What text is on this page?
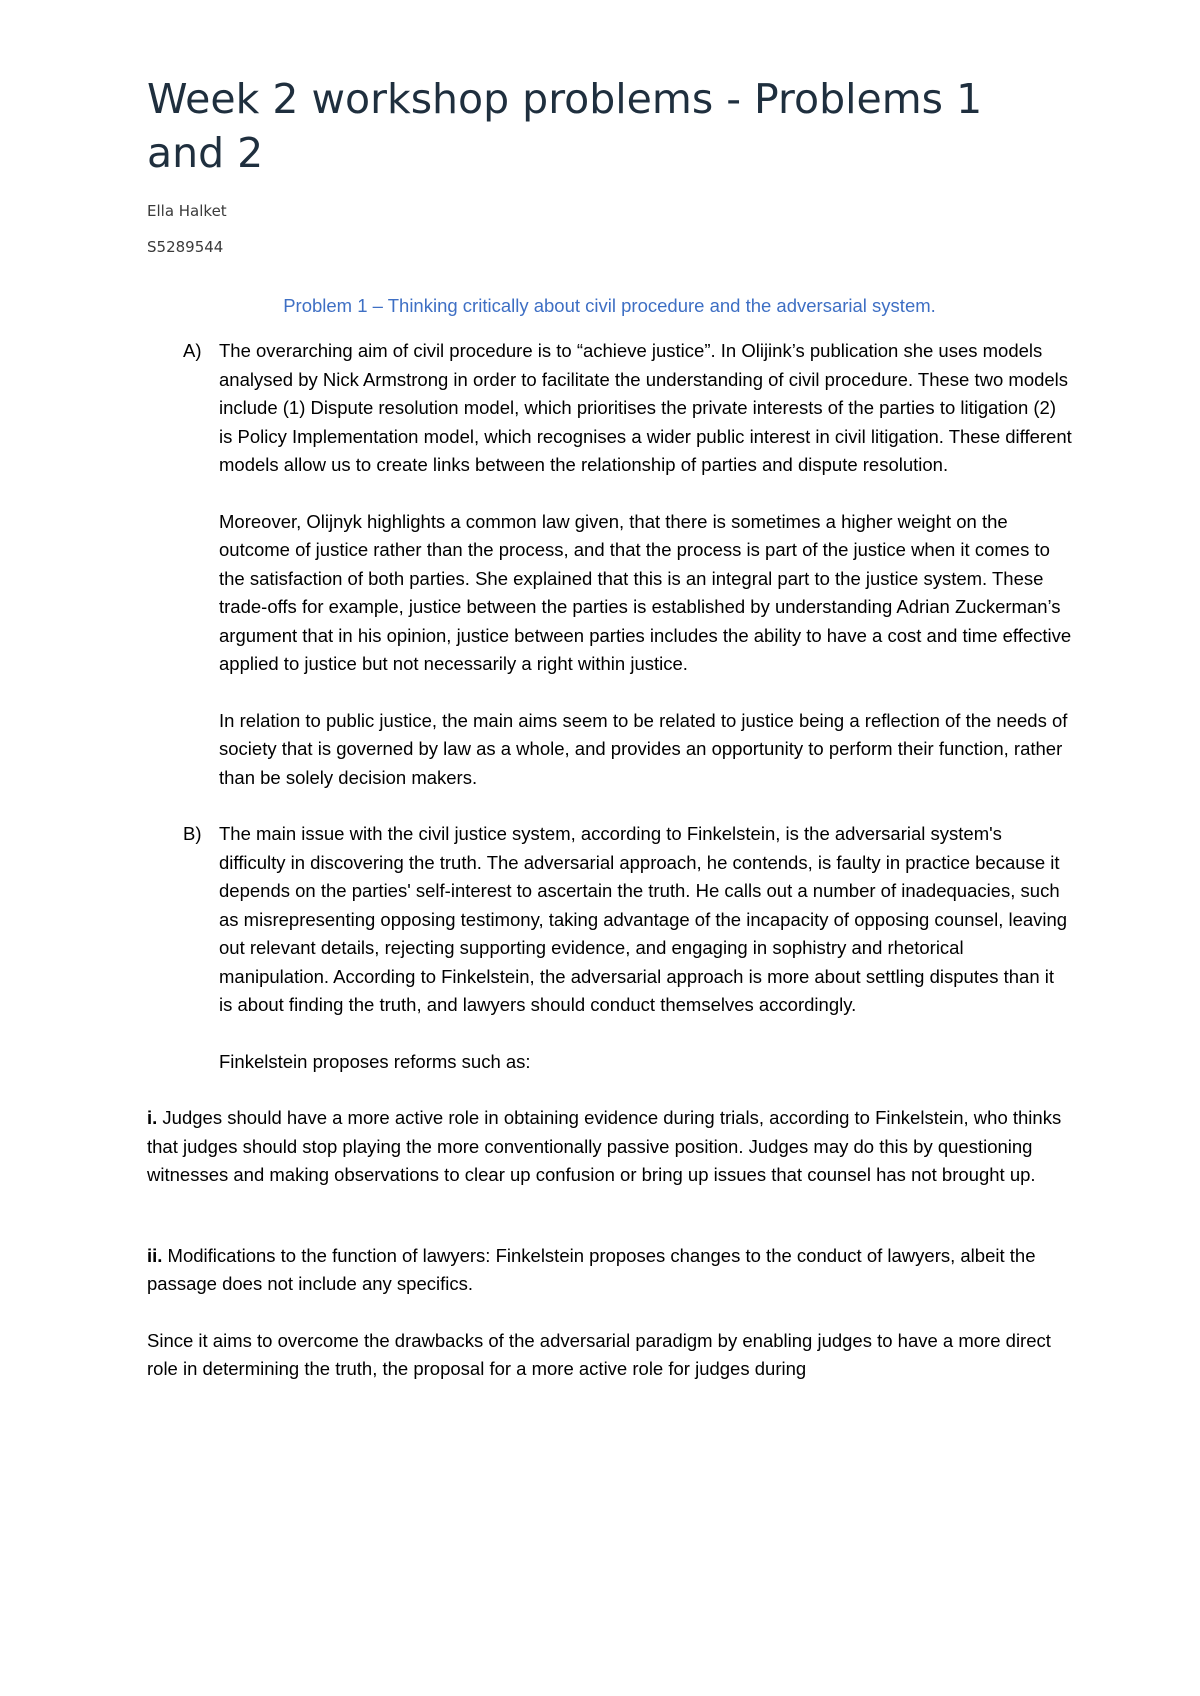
Week 2 workshop problems - Problems 1 and 2

Ella Halket

S5289544

Problem 1 – Thinking critically about civil procedure and the adversarial system.

A) The overarching aim of civil procedure is to “achieve justice”. In Olijink’s publication she uses models analysed by Nick Armstrong in order to facilitate the understanding of civil procedure. These two models include (1) Dispute resolution model, which prioritises the private interests of the parties to litigation (2) is Policy Implementation model, which recognises a wider public interest in civil litigation. These different models allow us to create links between the relationship of parties and dispute resolution.

Moreover, Olijnyk highlights a common law given, that there is sometimes a higher weight on the outcome of justice rather than the process, and that the process is part of the justice when it comes to the satisfaction of both parties. She explained that this is an integral part to the justice system. These trade-offs for example, justice between the parties is established by understanding Adrian Zuckerman’s argument that in his opinion, justice between parties includes the ability to have a cost and time effective applied to justice but not necessarily a right within justice.

In relation to public justice, the main aims seem to be related to justice being a reflection of the needs of society that is governed by law as a whole, and provides an opportunity to perform their function, rather than be solely decision makers.

B) The main issue with the civil justice system, according to Finkelstein, is the adversarial system's difficulty in discovering the truth. The adversarial approach, he contends, is faulty in practice because it depends on the parties' self-interest to ascertain the truth. He calls out a number of inadequacies, such as misrepresenting opposing testimony, taking advantage of the incapacity of opposing counsel, leaving out relevant details, rejecting supporting evidence, and engaging in sophistry and rhetorical manipulation. According to Finkelstein, the adversarial approach is more about settling disputes than it is about finding the truth, and lawyers should conduct themselves accordingly.

Finkelstein proposes reforms such as:

i. Judges should have a more active role in obtaining evidence during trials, according to Finkelstein, who thinks that judges should stop playing the more conventionally passive position. Judges may do this by questioning witnesses and making observations to clear up confusion or bring up issues that counsel has not brought up.

ii. Modifications to the function of lawyers: Finkelstein proposes changes to the conduct of lawyers, albeit the passage does not include any specifics.

Since it aims to overcome the drawbacks of the adversarial paradigm by enabling judges to have a more direct role in determining the truth, the proposal for a more active role for judges during
